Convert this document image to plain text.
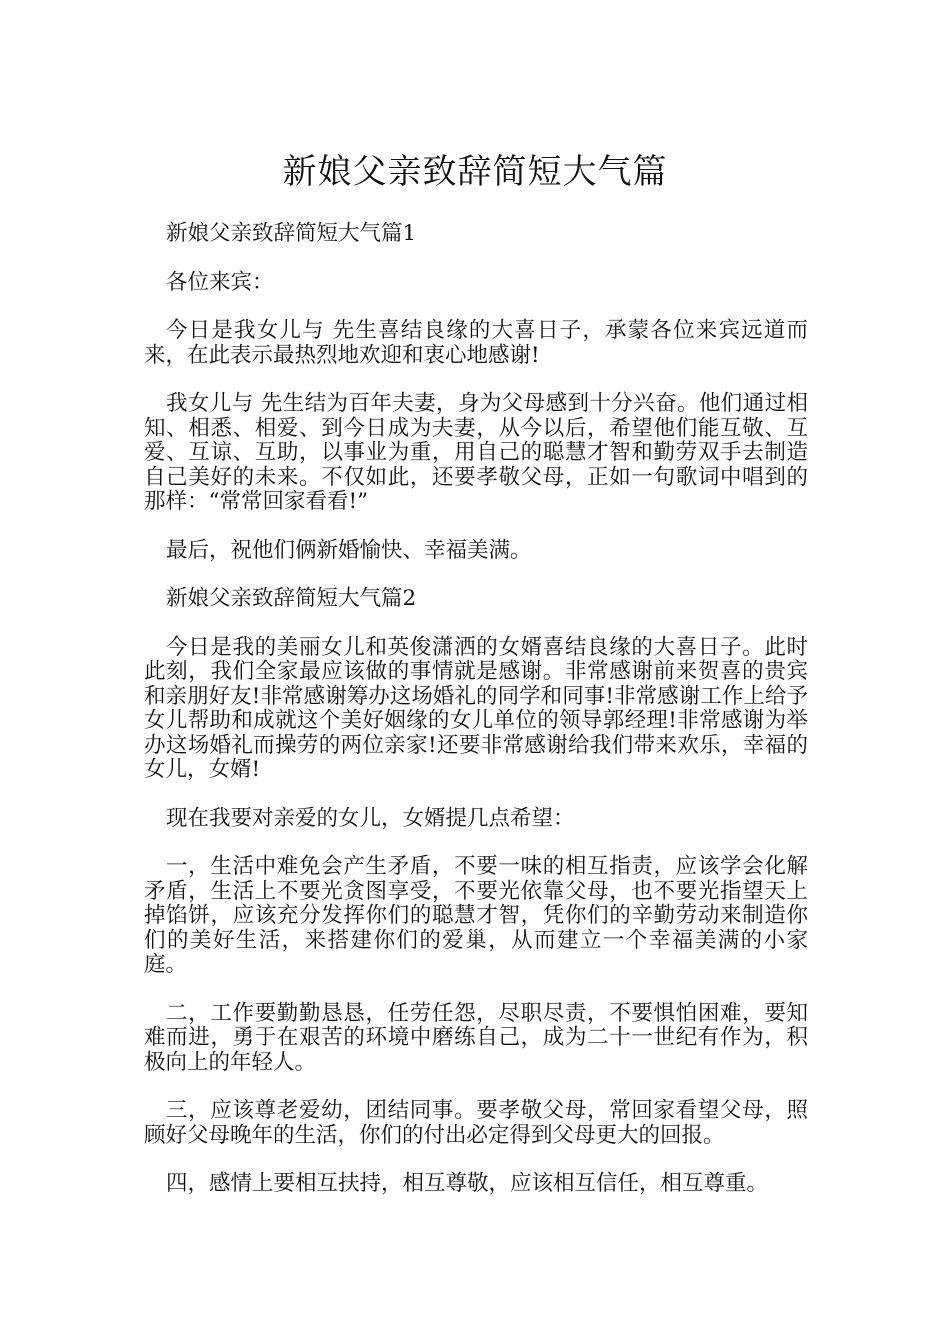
新娘父亲致辞简短大气篇

新娘父亲致辞简短大气篇1

各位来宾：

今日是我女儿与 先生喜结良缘的大喜日子，承蒙各位来宾远道而来，在此表示最热烈地欢迎和衷心地感谢!

我女儿与 先生结为百年夫妻，身为父母感到十分兴奋。他们通过相知、相悉、相爱、到今日成为夫妻，从今以后，希望他们能互敬、互爱、互谅、互助，以事业为重，用自己的聪慧才智和勤劳双手去制造自己美好的未来。不仅如此，还要孝敬父母，正如一句歌词中唱到的那样：“常常回家看看!”

最后，祝他们俩新婚愉快、幸福美满。

新娘父亲致辞简短大气篇2

今日是我的美丽女儿和英俊潇洒的女婿喜结良缘的大喜日子。此时此刻，我们全家最应该做的事情就是感谢。非常感谢前来贺喜的贵宾和亲朋好友!非常感谢筹办这场婚礼的同学和同事!非常感谢工作上给予女儿帮助和成就这个美好姻缘的女儿单位的领导郭经理!非常感谢为举办这场婚礼而操劳的两位亲家!还要非常感谢给我们带来欢乐，幸福的女儿，女婿!

现在我要对亲爱的女儿，女婿提几点希望：

一，生活中难免会产生矛盾，不要一味的相互指责，应该学会化解矛盾，生活上不要光贪图享受，不要光依靠父母，也不要光指望天上掉馅饼，应该充分发挥你们的聪慧才智，凭你们的辛勤劳动来制造你们的美好生活，来搭建你们的爱巢，从而建立一个幸福美满的小家庭。

二，工作要勤勤恳恳，任劳任怨，尽职尽责，不要惧怕困难，要知难而进，勇于在艰苦的环境中磨练自己，成为二十一世纪有作为，积极向上的年轻人。

三，应该尊老爱幼，团结同事。要孝敬父母，常回家看望父母，照顾好父母晚年的生活，你们的付出必定得到父母更大的回报。

四，感情上要相互扶持，相互尊敬，应该相互信任，相互尊重。
